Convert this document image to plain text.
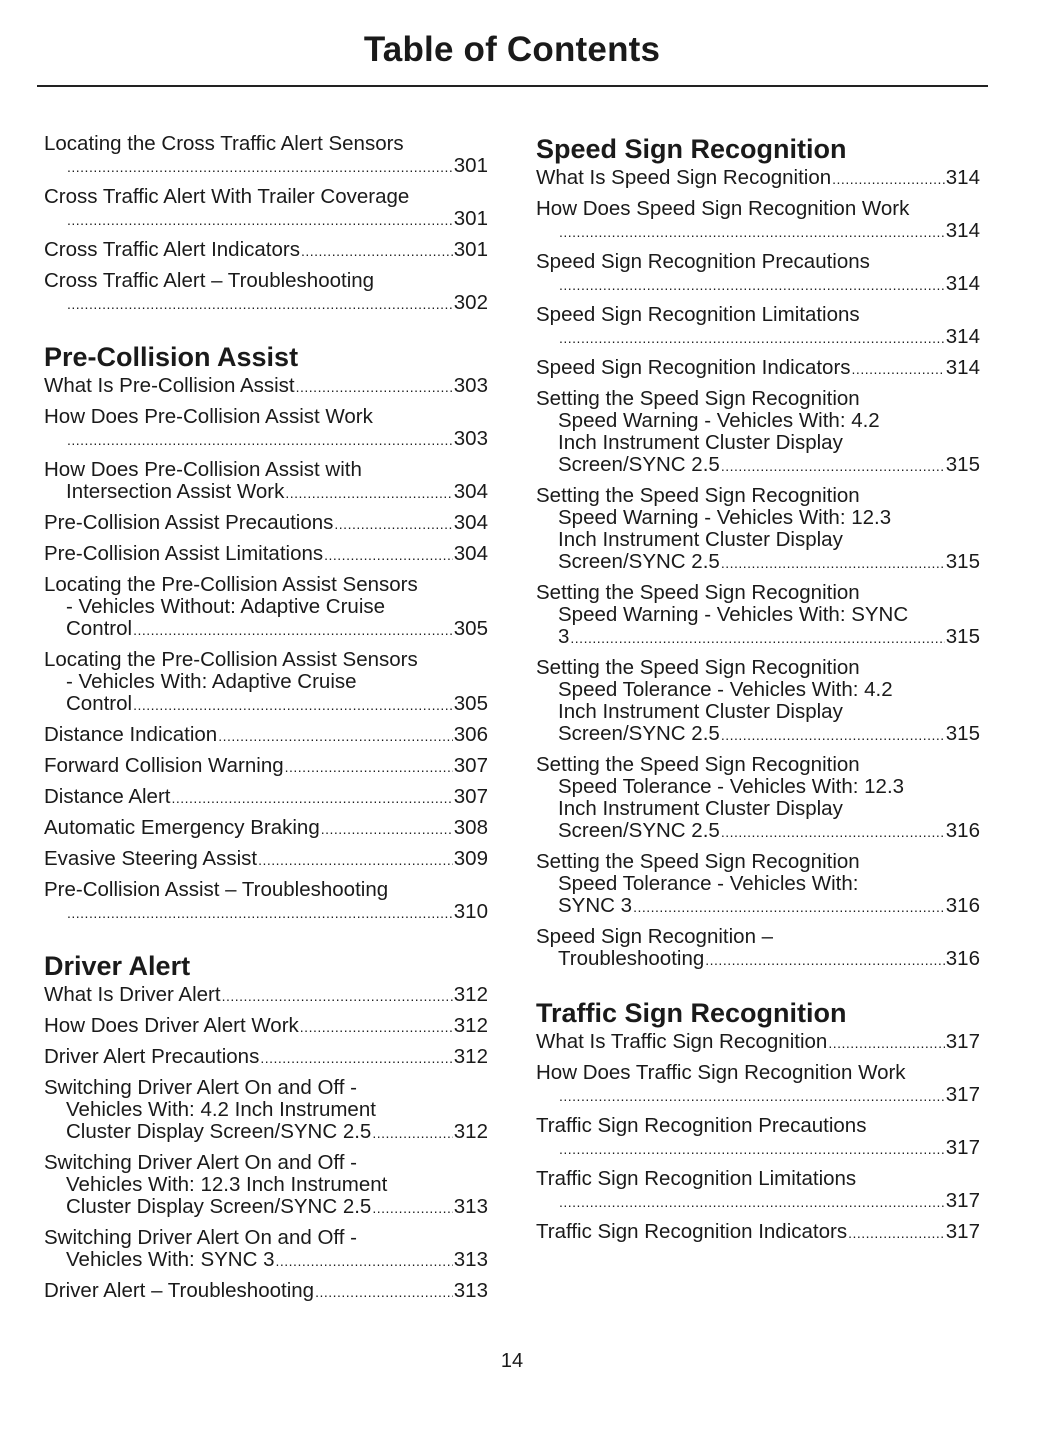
Table of Contents
Locating the Cross Traffic Alert Sensors
.....
301
Cross Traffic Alert With Trailer Coverage
.....
301
Cross Traffic Alert Indicators .....	301
Cross Traffic Alert – Troubleshooting
.....
302
Pre-Collision Assist
What Is Pre-Collision Assist .....	303
How Does Pre-Collision Assist Work
.....
303
How Does Pre-Collision Assist with
Intersection Assist Work .....	304
Pre-Collision Assist Precautions .....	304
Pre-Collision Assist Limitations .....	304
Locating the Pre-Collision Assist Sensors
- Vehicles Without: Adaptive Cruise
Control .....	305
Locating the Pre-Collision Assist Sensors
- Vehicles With: Adaptive Cruise
Control .....	305
Distance Indication .....	306
Forward Collision Warning .....	307
Distance Alert .....	307
Automatic Emergency Braking .....	308
Evasive Steering Assist .....	309
Pre-Collision Assist – Troubleshooting
.....
310
Driver Alert
What Is Driver Alert .....	312
How Does Driver Alert Work .....	312
Driver Alert Precautions .....	312
Switching Driver Alert On and Off -
Vehicles With: 4.2 Inch Instrument
Cluster Display Screen/SYNC 2.5 .....	312
Switching Driver Alert On and Off -
Vehicles With: 12.3 Inch Instrument
Cluster Display Screen/SYNC 2.5 .....	313
Switching Driver Alert On and Off -
Vehicles With: SYNC 3 .....	313
Driver Alert – Troubleshooting .....	313
Speed Sign Recognition
What Is Speed Sign Recognition .....	314
How Does Speed Sign Recognition Work
.....
314
Speed Sign Recognition Precautions
.....
314
Speed Sign Recognition Limitations
.....
314
Speed Sign Recognition Indicators .....	314
Setting the Speed Sign Recognition
Speed Warning - Vehicles With: 4.2
Inch Instrument Cluster Display
Screen/SYNC 2.5 .....	315
Setting the Speed Sign Recognition
Speed Warning - Vehicles With: 12.3
Inch Instrument Cluster Display
Screen/SYNC 2.5 .....	315
Setting the Speed Sign Recognition
Speed Warning - Vehicles With: SYNC
3 .....	315
Setting the Speed Sign Recognition
Speed Tolerance - Vehicles With: 4.2
Inch Instrument Cluster Display
Screen/SYNC 2.5 .....	315
Setting the Speed Sign Recognition
Speed Tolerance - Vehicles With: 12.3
Inch Instrument Cluster Display
Screen/SYNC 2.5 .....	316
Setting the Speed Sign Recognition
Speed Tolerance - Vehicles With:
SYNC 3 .....	316
Speed Sign Recognition –
Troubleshooting .....	316
Traffic Sign Recognition
What Is Traffic Sign Recognition .....	317
How Does Traffic Sign Recognition Work
.....
317
Traffic Sign Recognition Precautions
.....
317
Traffic Sign Recognition Limitations
.....
317
Traffic Sign Recognition Indicators .....	317
14
